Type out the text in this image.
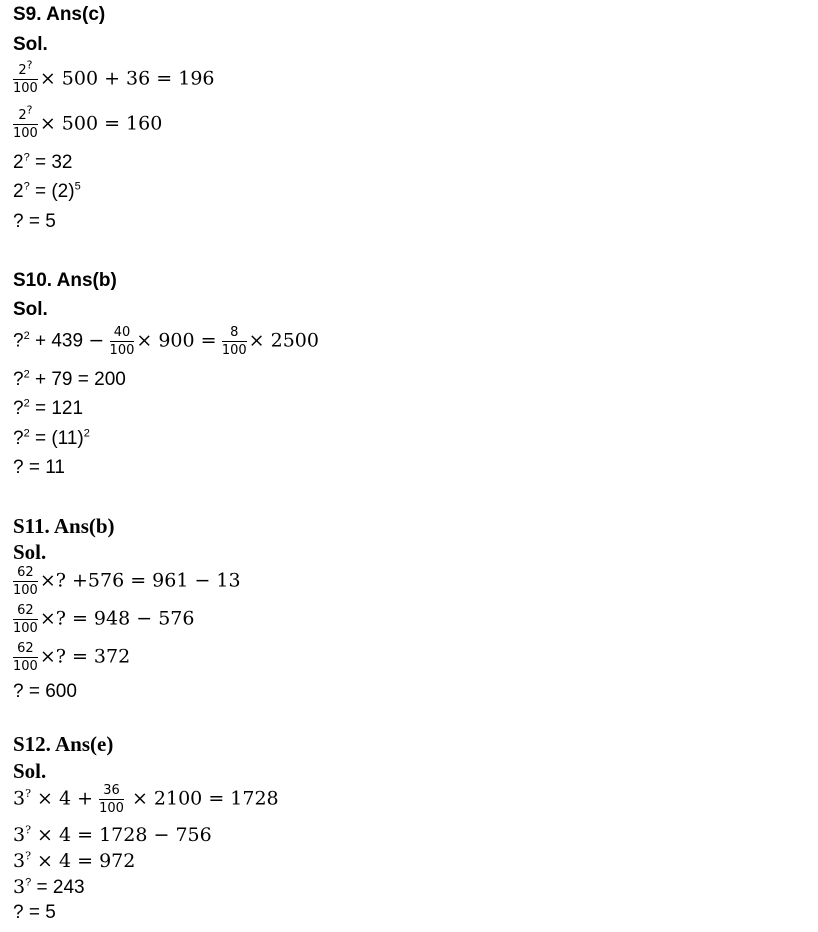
S9. Ans(c)
Sol.
$\frac{2^?}{100} \times 500 + 36 = 196$
$\frac{2^?}{100} \times 500 = 160$
2? = 32
$2^? = (2)^5$
? = 5
S10. Ans(b)
Sol.
?$^2$ + $439 - \frac{40}{100} \times 900 = \frac{8}{100} \times 2500$
?$^2$ + 79 = 200
?$^2$ = 121
?$^2$ = $(11)^2$
? = 11
S11. Ans(b)
Sol.
$\frac{62}{100}$ ×? +576 = 961 − 13
$\frac{62}{100}$ ×? = 948 − 576
$\frac{62}{100}$ ×? = 372
? = 600
S12. Ans(e)
Sol.
$3^? \times 4 + \frac{36}{100} \times 2100 = 1728$
3? × 4 = 1728 − 756
3? × 4 = 972
3? = 243
? = 5
